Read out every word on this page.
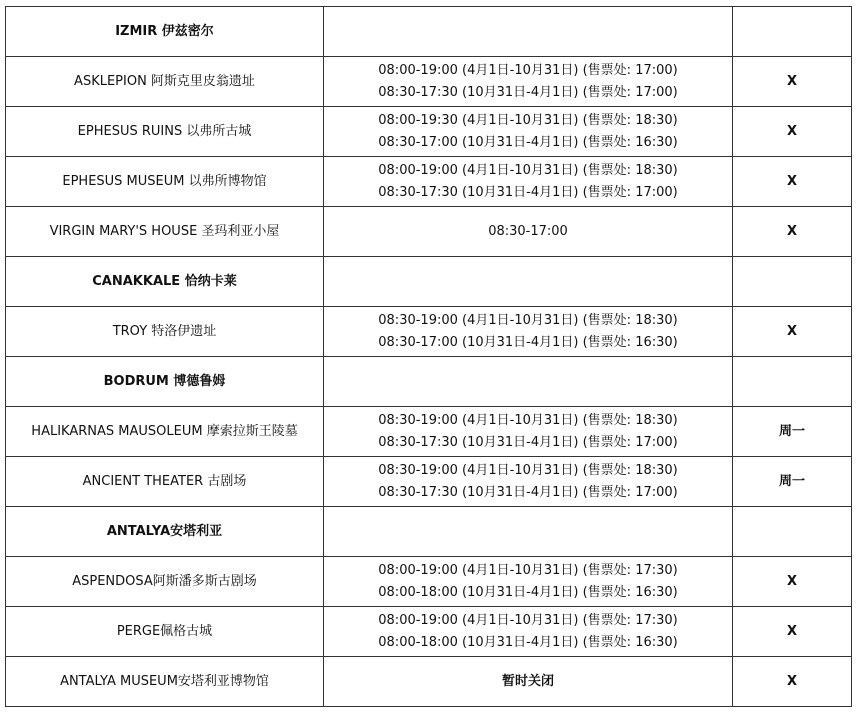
IZMIR 伊兹密尔		
ASKLEPION 阿斯克里皮翁遗址	08:00-19:00 (4月1日-10月31日) (售票处: 17:00)
08:30-17:30 (10月31日-4月1日) (售票处: 17:00)	X
EPHESUS RUINS 以弗所古城	08:00-19:30 (4月1日-10月31日) (售票处: 18:30)
08:30-17:00 (10月31日-4月1日) (售票处: 16:30)	X
EPHESUS MUSEUM 以弗所博物馆	08:00-19:00 (4月1日-10月31日) (售票处: 18:30)
08:30-17:30 (10月31日-4月1日) (售票处: 17:00)	X
VIRGIN MARY'S HOUSE 圣玛利亚小屋	08:30-17:00	X
CANAKKALE 恰纳卡莱		
TROY 特洛伊遗址	08:30-19:00 (4月1日-10月31日) (售票处: 18:30)
08:30-17:00 (10月31日-4月1日) (售票处: 16:30)	X
BODRUM 博德鲁姆		
HALIKARNAS MAUSOLEUM 摩索拉斯王陵墓	08:30-19:00 (4月1日-10月31日) (售票处: 18:30)
08:30-17:30 (10月31日-4月1日) (售票处: 17:00)	周一
ANCIENT THEATER 古剧场	08:30-19:00 (4月1日-10月31日) (售票处: 18:30)
08:30-17:30 (10月31日-4月1日) (售票处: 17:00)	周一
ANTALYA安塔利亚		
ASPENDOSA阿斯潘多斯古剧场	08:00-19:00 (4月1日-10月31日) (售票处: 17:30)
08:00-18:00 (10月31日-4月1日) (售票处: 16:30)	X
PERGE佩格古城	08:00-19:00 (4月1日-10月31日) (售票处: 17:30)
08:00-18:00 (10月31日-4月1日) (售票处: 16:30)	X
ANTALYA MUSEUM安塔利亚博物馆	暂时关闭	X
